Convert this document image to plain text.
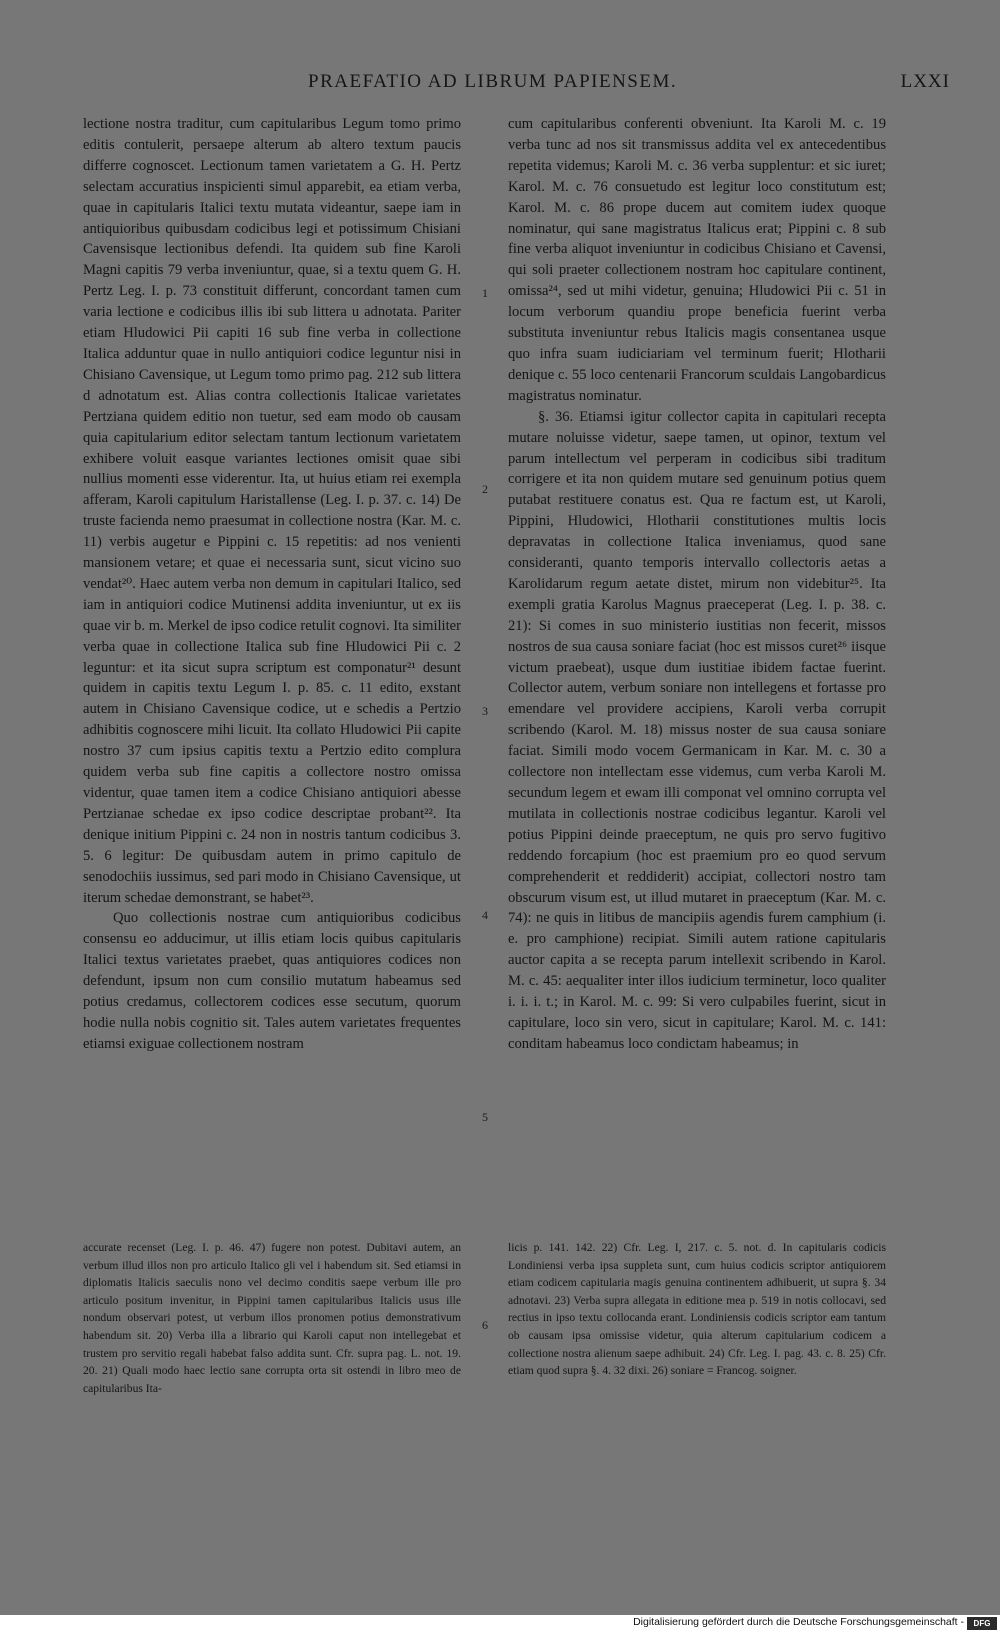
PRAEFATIO AD LIBRUM PAPIENSEM.	LXXI

lectione nostra traditur, cum capitularibus Legum tomo primo editis contulerit, persaepe alterum ab altero textum paucis differre cognoscet. Lectionum tamen varietatem a G. H. Pertz selectam accuratius inspicienti simul apparebit, ea etiam verba, quae in capitularis Italici textu mutata videantur, saepe iam in antiquioribus quibusdam codicibus legi et potissimum Chisiani Cavensisque lectionibus defendi. Ita quidem sub fine Karoli Magni capitis 79 verba inveniuntur, quae, si a textu quem G. H. Pertz Leg. I. p. 73 constituit differunt, concordant tamen cum varia lectione e codicibus illis ibi sub littera u adnotata. Pariter etiam Hludowici Pii capiti 16 sub fine verba in collectione Italica adduntur quae in nullo antiquiori codice leguntur nisi in Chisiano Cavensique, ut Legum tomo primo pag. 212 sub littera d adnotatum est. Alias contra collectionis Italicae varietates Pertziana quidem editio non tuetur, sed eam modo ob causam quia capitularium editor selectam tantum lectionum varietatem exhibere voluit easque variantes lectiones omisit quae sibi nullius momenti esse viderentur. Ita, ut huius etiam rei exempla afferam, Karoli capitulum Haristallense (Leg. I. p. 37. c. 14) De truste facienda nemo praesumat in collectione nostra (Kar. M. c. 11) verbis augetur e Pippini c. 15 repetitis: ad nos venienti mansionem vetare; et quae ei necessaria sunt, sicut vicino suo vendat²⁰. Haec autem verba non demum in capitulari Italico, sed iam in antiquiori codice Mutinensi addita inveniuntur, ut ex iis quae vir b. m. Merkel de ipso codice retulit cognovi. Ita similiter verba quae in collectione Italica sub fine Hludowici Pii c. 2 leguntur: et ita sicut supra scriptum est componatur²¹ desunt quidem in capitis textu Legum I. p. 85. c. 11 edito, exstant autem in Chisiano Cavensique codice, ut e schedis a Pertzio adhibitis cognoscere mihi licuit. Ita collato Hludowici Pii capite nostro 37 cum ipsius capitis textu a Pertzio edito complura quidem verba sub fine capitis a collectore nostro omissa videntur, quae tamen item a codice Chisiano antiquiori abesse Pertzianae schedae ex ipso codice descriptae probant²². Ita denique initium Pippini c. 24 non in nostris tantum codicibus 3. 5. 6 legitur: De quibusdam autem in primo capitulo de senodochiis iussimus, sed pari modo in Chisiano Cavensique, ut iterum schedae demonstrant, se habet²³.

Quo collectionis nostrae cum antiquioribus codicibus consensu eo adducimur, ut illis etiam locis quibus capitularis Italici textus varietates praebet, quas antiquiores codices non defendunt, ipsum non cum consilio mutatum habeamus sed potius credamus, collectorem codices esse secutum, quorum hodie nulla nobis cognitio sit. Tales autem varietates frequentes etiamsi exiguae collectionem nostram

1
2
3
4
5
6

cum capitularibus conferenti obveniunt. Ita Karoli M. c. 19 verba tunc ad nos sit transmissus addita vel ex antecedentibus repetita videmus; Karoli M. c. 36 verba supplentur: et sic iuret; Karol. M. c. 76 consuetudo est legitur loco constitutum est; Karol. M. c. 86 prope ducem aut comitem iudex quoque nominatur, qui sane magistratus Italicus erat; Pippini c. 8 sub fine verba aliquot inveniuntur in codicibus Chisiano et Cavensi, qui soli praeter collectionem nostram hoc capitulare continent, omissa²⁴, sed ut mihi videtur, genuina; Hludowici Pii c. 51 in locum verborum quandiu prope beneficia fuerint verba substituta inveniuntur rebus Italicis magis consentanea usque quo infra suam iudiciariam vel terminum fuerit; Hlotharii denique c. 55 loco centenarii Francorum sculdais Langobardicus magistratus nominatur.

§. 36. Etiamsi igitur collector capita in capitulari recepta mutare noluisse videtur, saepe tamen, ut opinor, textum vel parum intellectum vel perperam in codicibus sibi traditum corrigere et ita non quidem mutare sed genuinum potius quem putabat restituere conatus est. Qua re factum est, ut Karoli, Pippini, Hludowici, Hlotharii constitutiones multis locis depravatas in collectione Italica inveniamus, quod sane consideranti, quanto temporis intervallo collectoris aetas a Karolidarum regum aetate distet, mirum non videbitur²⁵. Ita exempli gratia Karolus Magnus praeceperat (Leg. I. p. 38. c. 21): Si comes in suo ministerio iustitias non fecerit, missos nostros de sua causa soniare faciat (hoc est missos curet²⁶ iisque victum praebeat), usque dum iustitiae ibidem factae fuerint. Collector autem, verbum soniare non intellegens et fortasse pro emendare vel providere accipiens, Karoli verba corrupit scribendo (Karol. M. 18) missus noster de sua causa soniare faciat. Simili modo vocem Germanicam in Kar. M. c. 30 a collectore non intellectam esse videmus, cum verba Karoli M. secundum legem et ewam illi componat vel omnino corrupta vel mutilata in collectionis nostrae codicibus legantur. Karoli vel potius Pippini deinde praeceptum, ne quis pro servo fugitivo reddendo forcapium (hoc est praemium pro eo quod servum comprehenderit et reddiderit) accipiat, collectori nostro tam obscurum visum est, ut illud mutaret in praeceptum (Kar. M. c. 74): ne quis in litibus de mancipiis agendis furem camphium (i. e. pro camphione) recipiat. Simili autem ratione capitularis auctor capita a se recepta parum intellexit scribendo in Karol. M. c. 45: aequaliter inter illos iudicium terminetur, loco qualiter i. i. i. t.; in Karol. M. c. 99: Si vero culpabiles fuerint, sicut in capitulare, loco sin vero, sicut in capitulare; Karol. M. c. 141: conditam habeamus loco condictam habeamus; in

accurate recenset (Leg. I. p. 46. 47) fugere non potest. Dubitavi autem, an verbum illud illos non pro articulo Italico gli vel i habendum sit. Sed etiamsi in diplomatis Italicis saeculis nono vel decimo conditis saepe verbum ille pro articulo positum invenitur, in Pippini tamen capitularibus Italicis usus ille nondum observari potest, ut verbum illos pronomen potius demonstrativum habendum sit. 20) Verba illa a librario qui Karoli caput non intellegebat et trustem pro servitio regali habebat falso addita sunt. Cfr. supra pag. L. not. 19. 20. 21) Quali modo haec lectio sane corrupta orta sit ostendi in libro meo de capitularibus Ita-

licis p. 141. 142. 22) Cfr. Leg. I, 217. c. 5. not. d. In capitularis codicis Londiniensi verba ipsa suppleta sunt, cum huius codicis scriptor antiquiorem etiam codicem capitularia magis genuina continentem adhibuerit, ut supra §. 34 adnotavi. 23) Verba supra allegata in editione mea p. 519 in notis collocavi, sed rectius in ipso textu collocanda erant. Londiniensis codicis scriptor eam tantum ob causam ipsa omissise videtur, quia alterum capitularium codicem a collectione nostra alienum saepe adhibuit. 24) Cfr. Leg. I. pag. 43. c. 8. 25) Cfr. etiam quod supra §. 4. 32 dixi. 26) soniare = Francog. soigner.

Digitalisierung gefördert durch die Deutsche Forschungsgemeinschaft -	DFG
